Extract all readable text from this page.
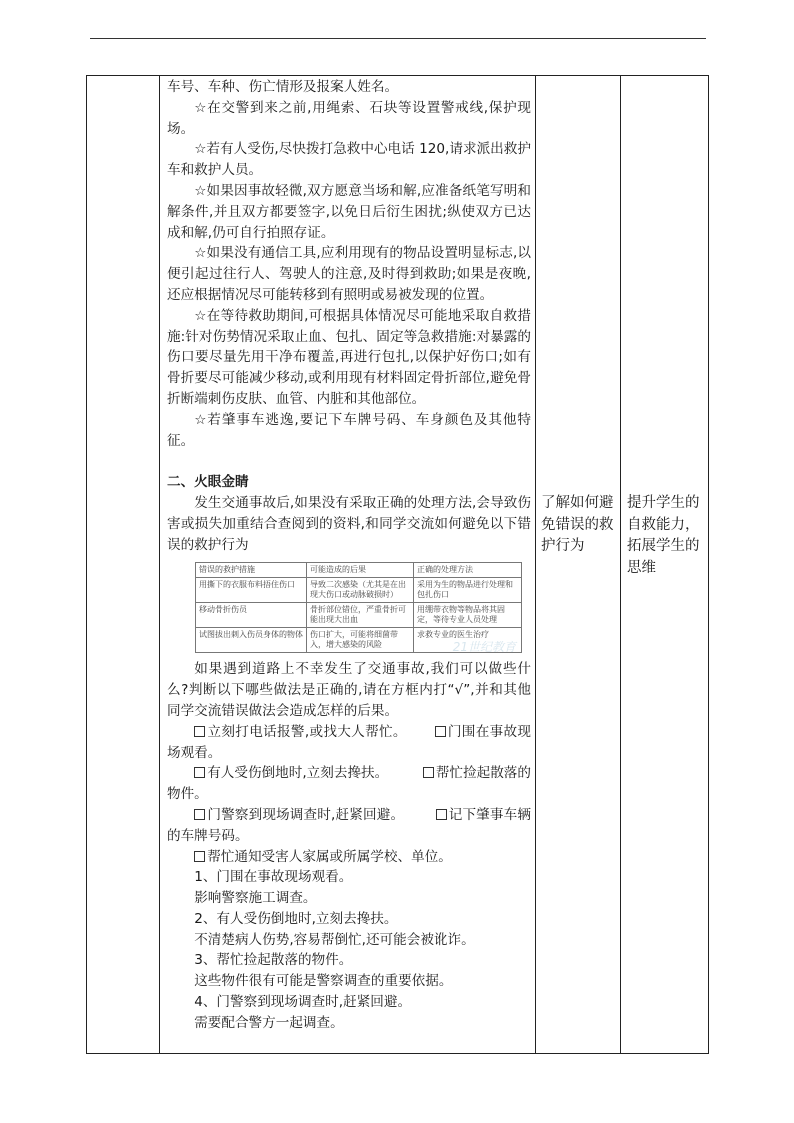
车号、车种、伤亡情形及报案人姓名。

☆在交警到来之前,用绳索、石块等设置警戒线,保护现场。

☆若有人受伤,尽快拨打急救中心电话 120,请求派出救护车和救护人员。

☆如果因事故轻微,双方愿意当场和解,应准备纸笔写明和解条件,并且双方都要签字,以免日后衍生困扰;纵使双方已达成和解,仍可自行拍照存证。

☆如果没有通信工具,应利用现有的物品设置明显标志,以便引起过往行人、驾驶人的注意,及时得到救助;如果是夜晚,还应根据情况尽可能转移到有照明或易被发现的位置。

☆在等待救助期间,可根据具体情况尽可能地采取自救措施:针对伤势情况采取止血、包扎、固定等急救措施:对暴露的伤口要尽量先用干净布覆盖,再进行包扎,以保护好伤口;如有骨折要尽可能减少移动,或利用现有材料固定骨折部位,避免骨折断端刺伤皮肤、血管、内脏和其他部位。

☆若肇事车逃逸,要记下车牌号码、车身颜色及其他特征。

二、火眼金睛

发生交通事故后,如果没有采取正确的处理方法,会导致伤害或损失加重结合查阅到的资料,和同学交流如何避免以下错误的救护行为

错误的救护措施	可能造成的后果	正确的处理方法
用撕下的衣服布料捂住伤口	导致二次感染（尤其是在出现大伤口或动脉破损时）	采用为生的物品进行处理和包扎伤口
移动骨折伤员	骨折部位错位，严重骨折可能出现大出血	用绷带衣物等物品将其固定，等待专业人员处理
试图拔出刺入伤员身体的物体	伤口扩大，可能将细菌带入，增大感染的风险	求救专业的医生治疗
21世纪教育

如果遇到道路上不幸发生了交通事故,我们可以做些什么?判断以下哪些做法是正确的,请在方框内打“√”,并和其他同学交流错误做法会造成怎样的后果。

立刻打电话报警,或找大人帮忙。	门围在事故现场观看。

有人受伤倒地时,立刻去搀扶。	帮忙捡起散落的物件。

门警察到现场调查时,赶紧回避。	记下肇事车辆的车牌号码。

帮忙通知受害人家属或所属学校、单位。

1、门围在事故现场观看。

影响警察施工调查。

2、有人受伤倒地时,立刻去搀扶。

不清楚病人伤势,容易帮倒忙,还可能会被讹诈。

3、帮忙捡起散落的物件。

这些物件很有可能是警察调查的重要依据。

4、门警察到现场调查时,赶紧回避。

需要配合警方一起调查。

了解如何避免错误的救护行为
提升学生的自救能力，拓展学生的思维
